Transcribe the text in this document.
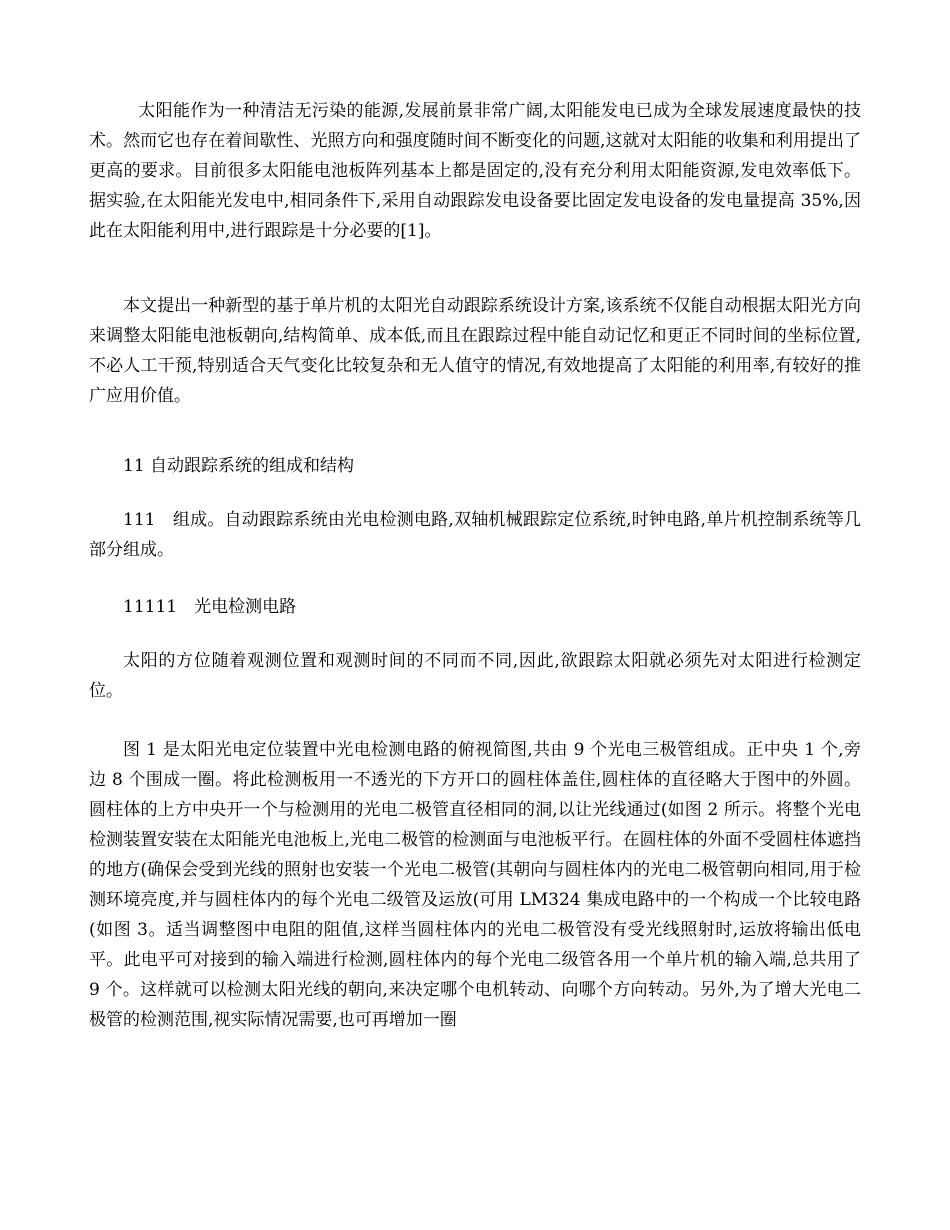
太阳能作为一种清洁无污染的能源,发展前景非常广阔,太阳能发电已成为全球发展速度最快的技术。然而它也存在着间歇性、光照方向和强度随时间不断变化的问题,这就对太阳能的收集和利用提出了更高的要求。目前很多太阳能电池板阵列基本上都是固定的,没有充分利用太阳能资源,发电效率低下。据实验,在太阳能光发电中,相同条件下,采用自动跟踪发电设备要比固定发电设备的发电量提高 35%,因此在太阳能利用中,进行跟踪是十分必要的[1]。

本文提出一种新型的基于单片机的太阳光自动跟踪系统设计方案,该系统不仅能自动根据太阳光方向来调整太阳能电池板朝向,结构简单、成本低,而且在跟踪过程中能自动记忆和更正不同时间的坐标位置,不必人工干预,特别适合天气变化比较复杂和无人值守的情况,有效地提高了太阳能的利用率,有较好的推广应用价值。

11 自动跟踪系统的组成和结构

111　组成。自动跟踪系统由光电检测电路,双轴机械跟踪定位系统,时钟电路,单片机控制系统等几部分组成。

11111　光电检测电路

太阳的方位随着观测位置和观测时间的不同而不同,因此,欲跟踪太阳就必须先对太阳进行检测定位。

图 1 是太阳光电定位装置中光电检测电路的俯视简图,共由 9 个光电三极管组成。正中央 1 个,旁边 8 个围成一圈。将此检测板用一不透光的下方开口的圆柱体盖住,圆柱体的直径略大于图中的外圆。圆柱体的上方中央开一个与检测用的光电二极管直径相同的洞,以让光线通过(如图 2 所示。将整个光电检测装置安装在太阳能光电池板上,光电二极管的检测面与电池板平行。在圆柱体的外面不受圆柱体遮挡的地方(确保会受到光线的照射也安装一个光电二极管(其朝向与圆柱体内的光电二极管朝向相同,用于检测环境亮度,并与圆柱体内的每个光电二级管及运放(可用 LM324 集成电路中的一个构成一个比较电路(如图 3。适当调整图中电阻的阻值,这样当圆柱体内的光电二极管没有受光线照射时,运放将输出低电平。此电平可对接到的输入端进行检测,圆柱体内的每个光电二级管各用一个单片机的输入端,总共用了 9 个。这样就可以检测太阳光线的朝向,来决定哪个电机转动、向哪个方向转动。另外,为了增大光电二极管的检测范围,视实际情况需要,也可再增加一圈
